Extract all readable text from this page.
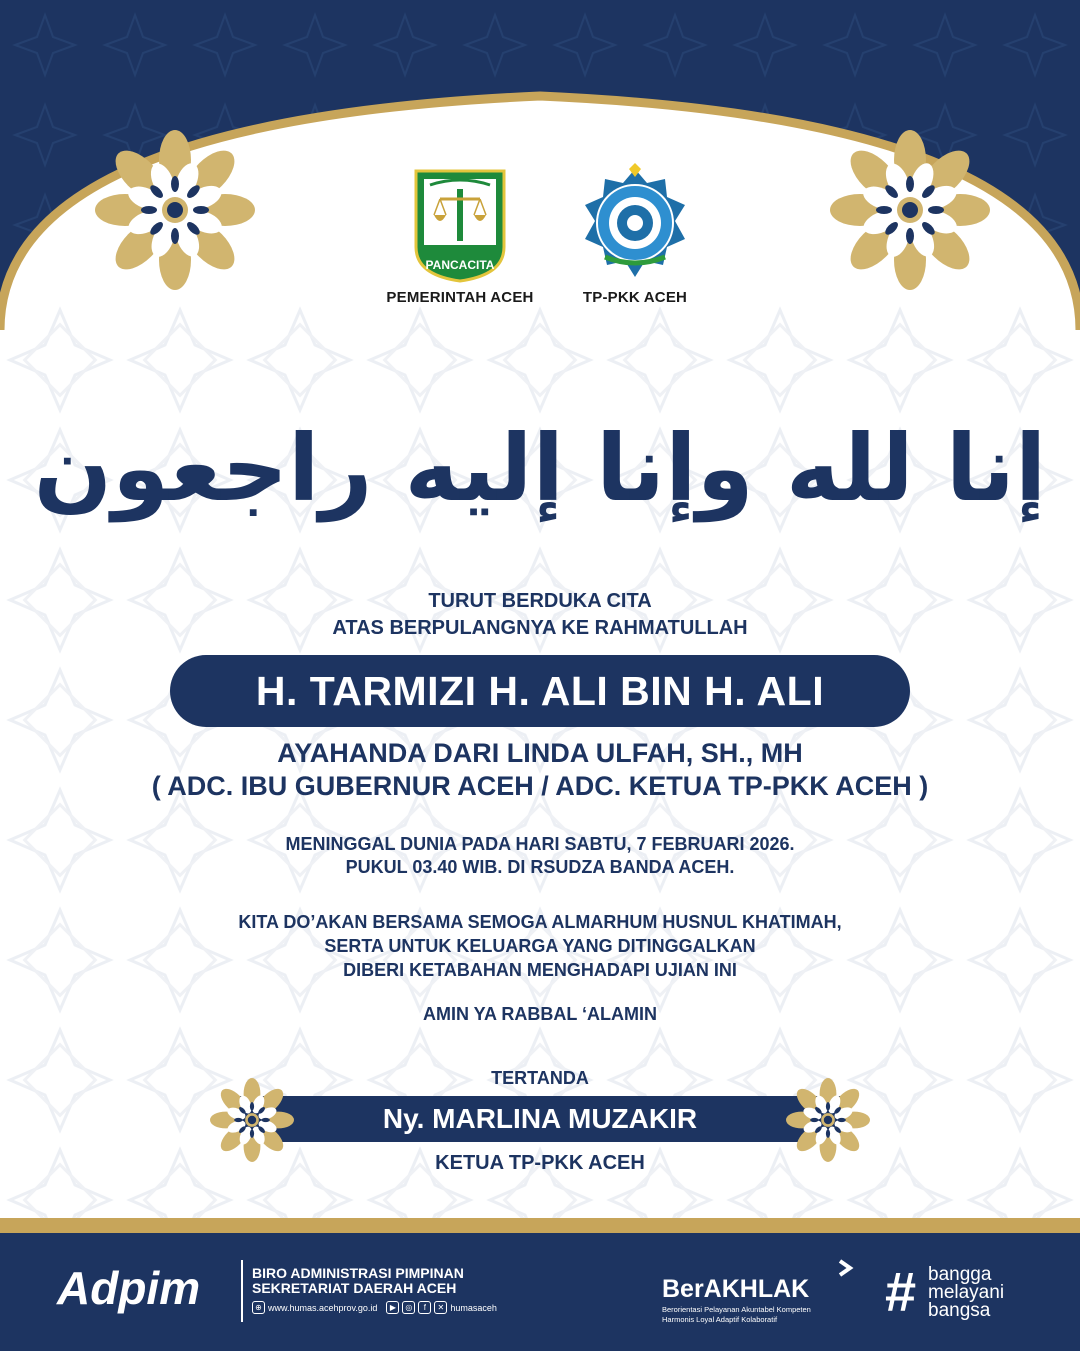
PANCACITA
PEMERINTAH ACEH	TP-PKK ACEH
إنا لله وإنا إليه راجعون
TURUT BERDUKA CITA
ATAS BERPULANGNYA KE RAHMATULLAH
H. TARMIZI H. ALI BIN H. ALI
AYAHANDA DARI LINDA ULFAH, SH., MH
( ADC. IBU GUBERNUR ACEH / ADC. KETUA TP-PKK ACEH )
MENINGGAL DUNIA PADA HARI SABTU, 7 FEBRUARI 2026.
PUKUL 03.40 WIB. DI RSUDZA BANDA ACEH.
KITA DO’AKAN BERSAMA SEMOGA ALMARHUM HUSNUL KHATIMAH,
SERTA UNTUK KELUARGA YANG DITINGGALKAN
DIBERI KETABAHAN MENGHADAPI UJIAN INI
AMIN YA RABBAL ‘ALAMIN
TERTANDA
Ny. MARLINA MUZAKIR
KETUA TP-PKK ACEH
Adpim	BIRO ADMINISTRASI PIMPINAN
SEKRETARIAT DAERAH ACEH
⊕ www.humas.acehprov.go.id	▶	◎	f	✕ humasaceh
BerAKHLAK
Berorientasi Pelayanan Akuntabel Kompeten
Harmonis Loyal Adaptif Kolaboratif	# bangga
melayani
bangsa
